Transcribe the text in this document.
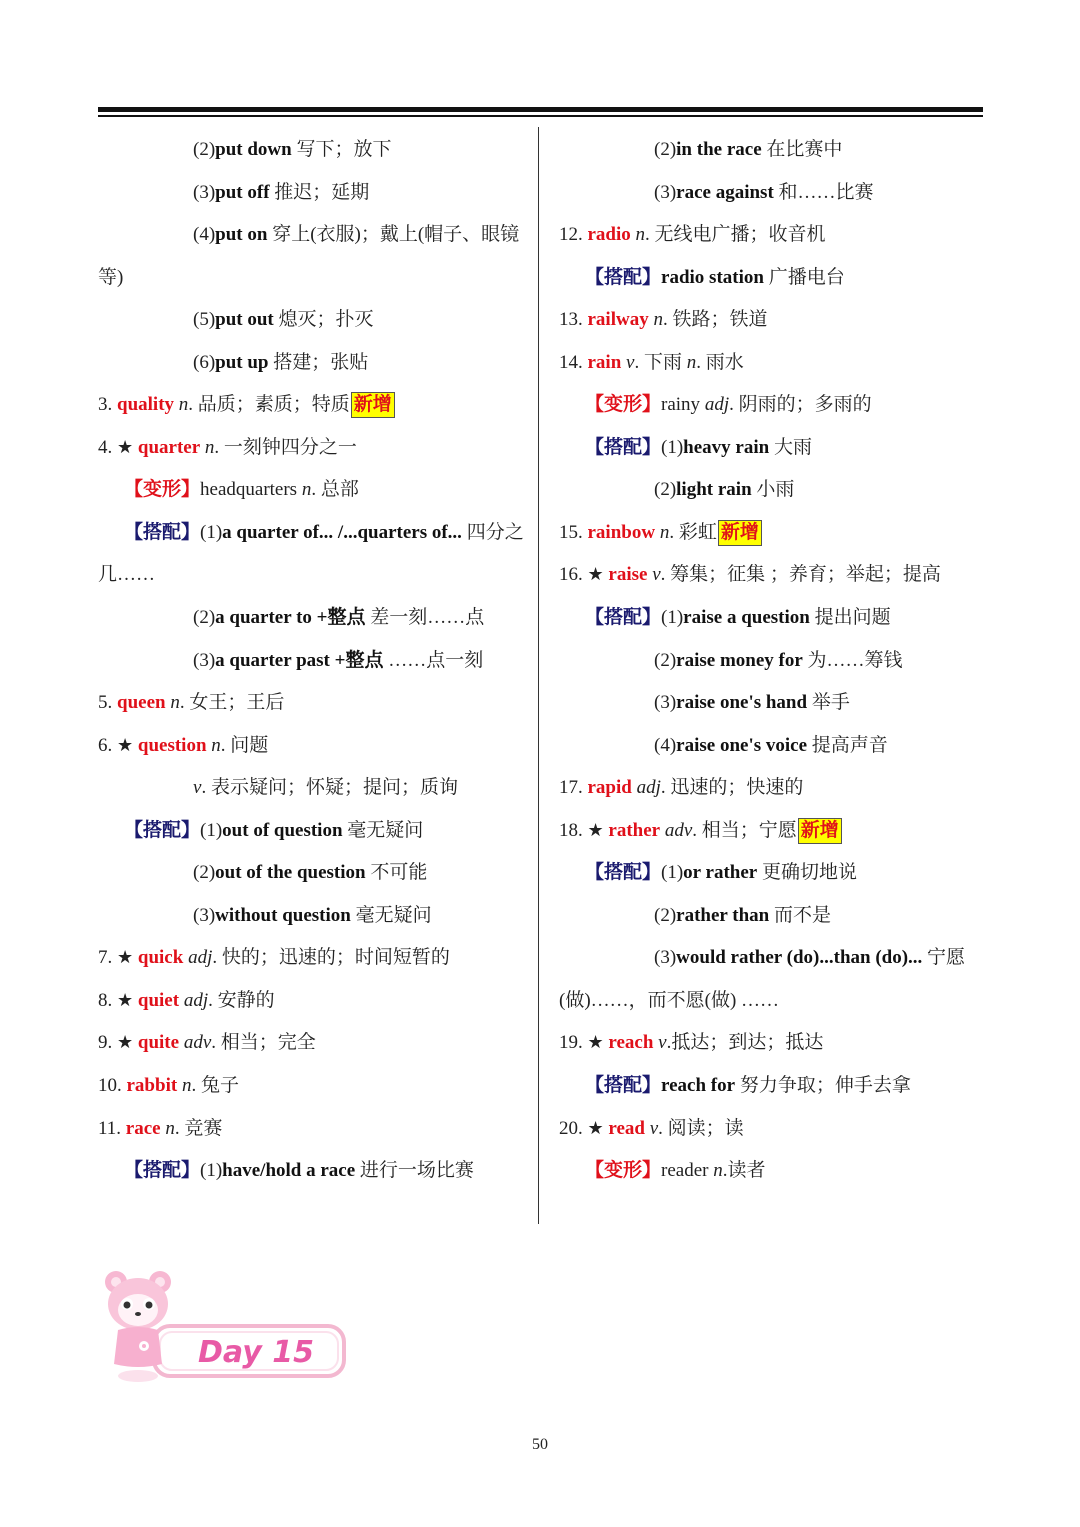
(2)put down 写下；放下
(3)put off 推迟；延期
(4)put on 穿上(衣服)；戴上(帽子、眼镜
等)
(5)put out 熄灭；扑灭
(6)put up 搭建；张贴
3. quality n. 品质；素质；特质 新增
4. ★ quarter n. 一刻钟四分之一
【变形】headquarters n. 总部
【搭配】(1)a quarter of... /...quarters of... 四分之
几……
(2)a quarter to +整点 差一刻……点
(3)a quarter past +整点 ……点一刻
5. queen n. 女王；王后
6. ★ question n. 问题
v. 表示疑问；怀疑；提问；质询
【搭配】(1)out of question 毫无疑问
(2)out of the question 不可能
(3)without question 毫无疑问
7. ★ quick adj. 快的；迅速的；时间短暂的
8. ★ quiet adj. 安静的
9. ★ quite adv. 相当；完全
10. rabbit n. 兔子
11. race n. 竞赛
【搭配】(1)have/hold a race 进行一场比赛
(2)in the race 在比赛中
(3)race against 和……比赛
12. radio n. 无线电广播；收音机
【搭配】radio station 广播电台
13. railway n. 铁路；铁道
14. rain v. 下雨 n. 雨水
【变形】rainy adj. 阴雨的；多雨的
【搭配】(1)heavy rain 大雨
(2)light rain 小雨
15. rainbow n. 彩虹 新增
16. ★ raise v. 筹集；征集 ；养育；举起；提高
【搭配】(1)raise a question 提出问题
(2)raise money for 为……筹钱
(3)raise one's hand 举手
(4)raise one's voice 提高声音
17. rapid adj. 迅速的；快速的
18. ★ rather adv. 相当；宁愿 新增
【搭配】(1)or rather 更确切地说
(2)rather than 而不是
(3)would rather (do)...than (do)... 宁愿
(做)……，而不愿(做) ……
19. ★ reach v.抵达；到达；抵达
【搭配】reach for 努力争取；伸手去拿
20. ★ read v. 阅读；读
【变形】reader n.读者
Day 15
50
